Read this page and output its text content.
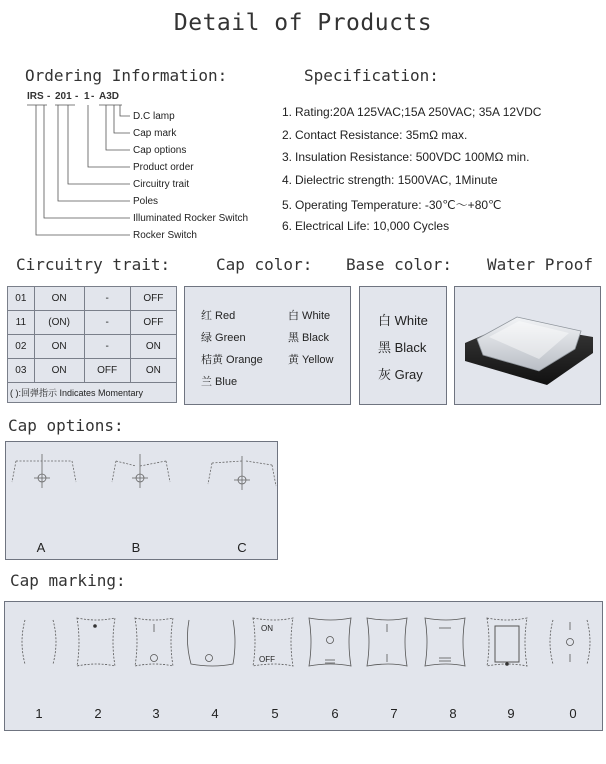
Detail of Products
Ordering Information:
IRS - 201 - 1 - A3D
D.C lamp
Cap mark
Cap options
Product order
Circuitry trait
Poles
Illuminated Rocker Switch
Rocker Switch
Specification:
1. Rating:20A 125VAC;15A 250VAC; 35A 12VDC
2. Contact Resistance: 35mΩ max.
3. Insulation Resistance: 500VDC 100MΩ min.
4. Dielectric strength: 1500VAC, 1Minute
5. Operating Temperature: -30℃～+80℃
6. Electrical Life: 10,000 Cycles
Circuitry trait:	Cap color: Base color: Water Proof
01	ON	-	OFF
11	(ON)	-	OFF
02	ON	-	ON
03	ON	OFF	ON
( ):回弹指示 Indicates Momentary			
红 Red	白 White
绿 Green	黑 Black
桔黄 Orange 黄 Yellow
兰 Blue
白 White
黑 Black
灰 Gray
Cap options:
A	B	C
Cap marking:
ON
OFF
1	2	3	4	5	6	7	8	9	0
